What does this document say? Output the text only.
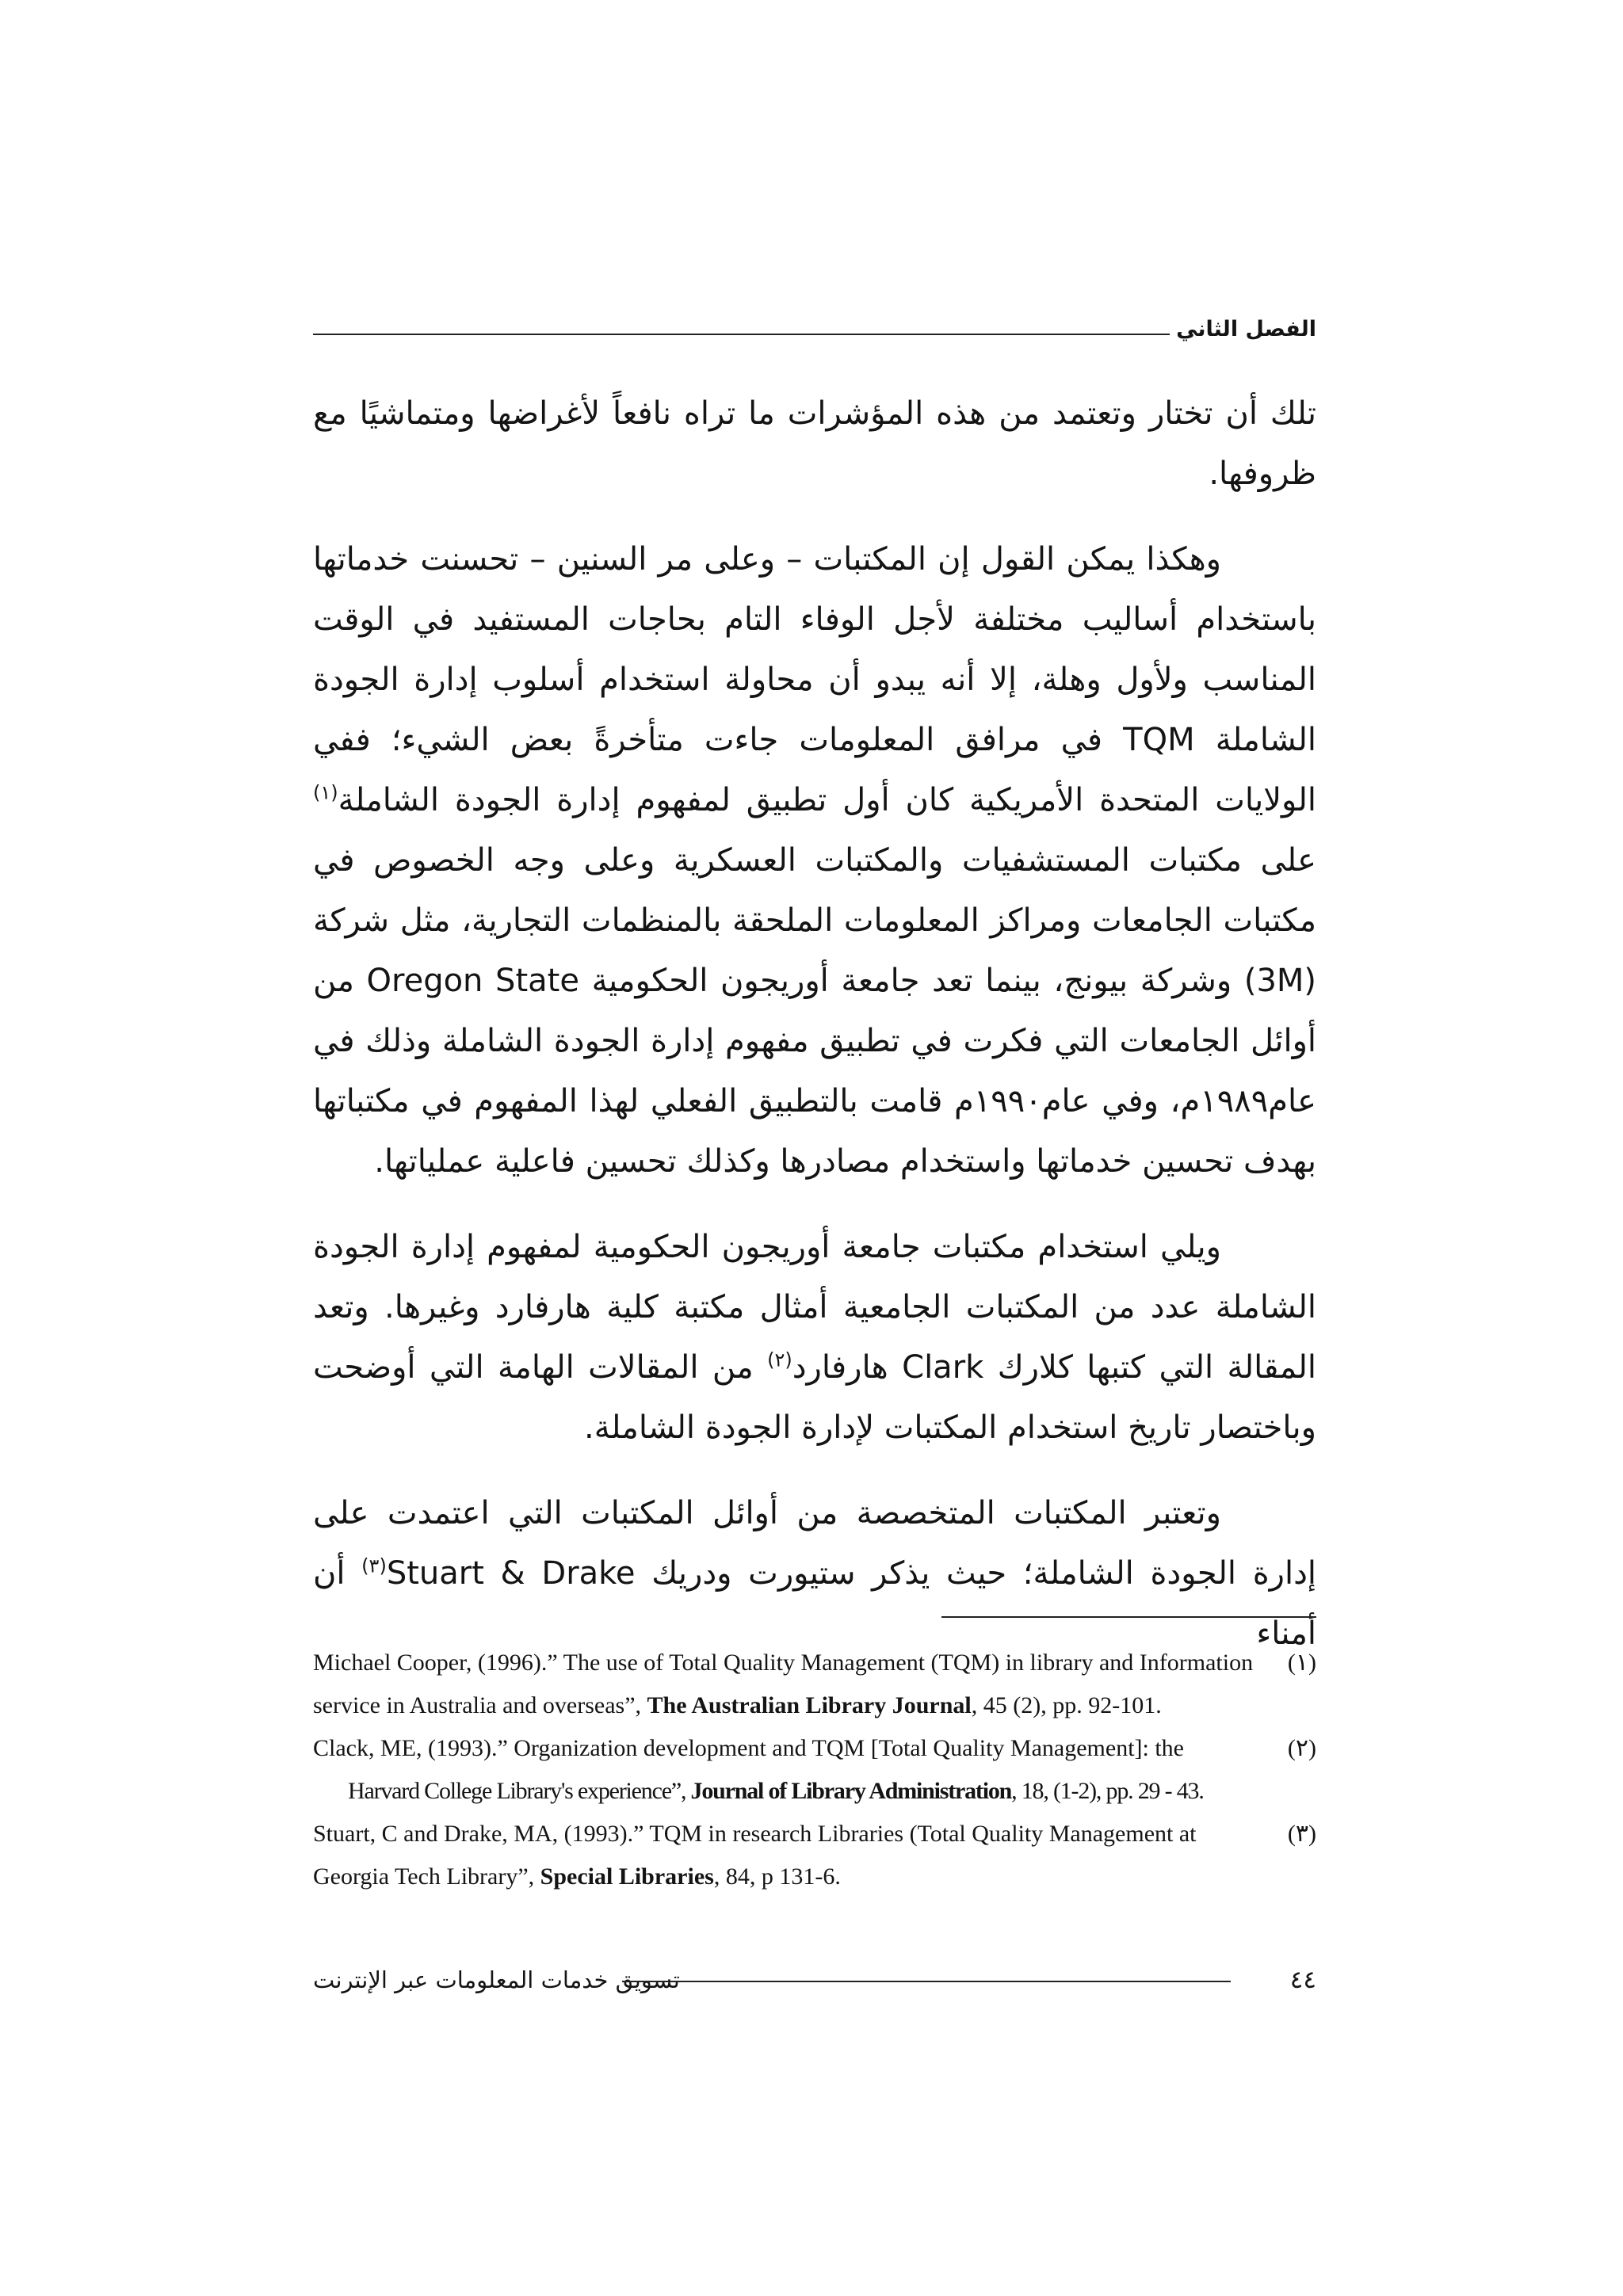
الفصل الثاني

تلك أن تختار وتعتمد من هذه المؤشرات ما تراه نافعاً لأغراضها ومتماشيًا مع ظروفها.

وهكذا يمكن القول إن المكتبات – وعلى مر السنين – تحسنت خدماتها باستخدام أساليب مختلفة لأجل الوفاء التام بحاجات المستفيد في الوقت المناسب ولأول وهلة، إلا أنه يبدو أن محاولة استخدام أسلوب إدارة الجودة الشاملة TQM في مرافق المعلومات جاءت متأخرةً بعض الشيء؛ ففي الولايات المتحدة الأمريكية كان أول تطبيق لمفهوم إدارة الجودة الشاملة$^{(١)}$ على مكتبات المستشفيات والمكتبات العسكرية وعلى وجه الخصوص في مكتبات الجامعات ومراكز المعلومات الملحقة بالمنظمات التجارية، مثل شركة (3M) وشركة بيونج، بينما تعد جامعة أوريجون الحكومية Oregon State من أوائل الجامعات التي فكرت في تطبيق مفهوم إدارة الجودة الشاملة وذلك في عام١٩٨٩م، وفي عام١٩٩٠م قامت بالتطبيق الفعلي لهذا المفهوم في مكتباتها بهدف تحسين خدماتها واستخدام مصادرها وكذلك تحسين فاعلية عملياتها.

ويلي استخدام مكتبات جامعة أوريجون الحكومية لمفهوم إدارة الجودة الشاملة عدد من المكتبات الجامعية أمثال مكتبة كلية هارفارد وغيرها. وتعد المقالة التي كتبها كلارك Clark هارفارد$^{(٢)}$ من المقالات الهامة التي أوضحت وباختصار تاريخ استخدام المكتبات لإدارة الجودة الشاملة.

وتعتبر المكتبات المتخصصة من أوائل المكتبات التي اعتمدت على إدارة الجودة الشاملة؛ حيث يذكر ستيورت ودريك Stuart & Drake$^{(٣)}$ أن أمناء

(١)
Michael Cooper, (1996).” The use of Total Quality Management (TQM) in library and Information service in Australia and overseas”, The Australian Library Journal, 45 (2), pp. 92-101.
(٢)
Clack, ME, (1993).” Organization development and TQM [Total Quality Management]: the
Harvard College Library's experience”, Journal of Library Administration, 18, (1-2), pp. 29 - 43.
(٣)
Stuart, C and Drake, MA, (1993).” TQM in research Libraries (Total Quality Management at Georgia Tech Library”, Special Libraries, 84, p 131-6.
تسويق خدمات المعلومات عبر الإنترنت	٤٤
